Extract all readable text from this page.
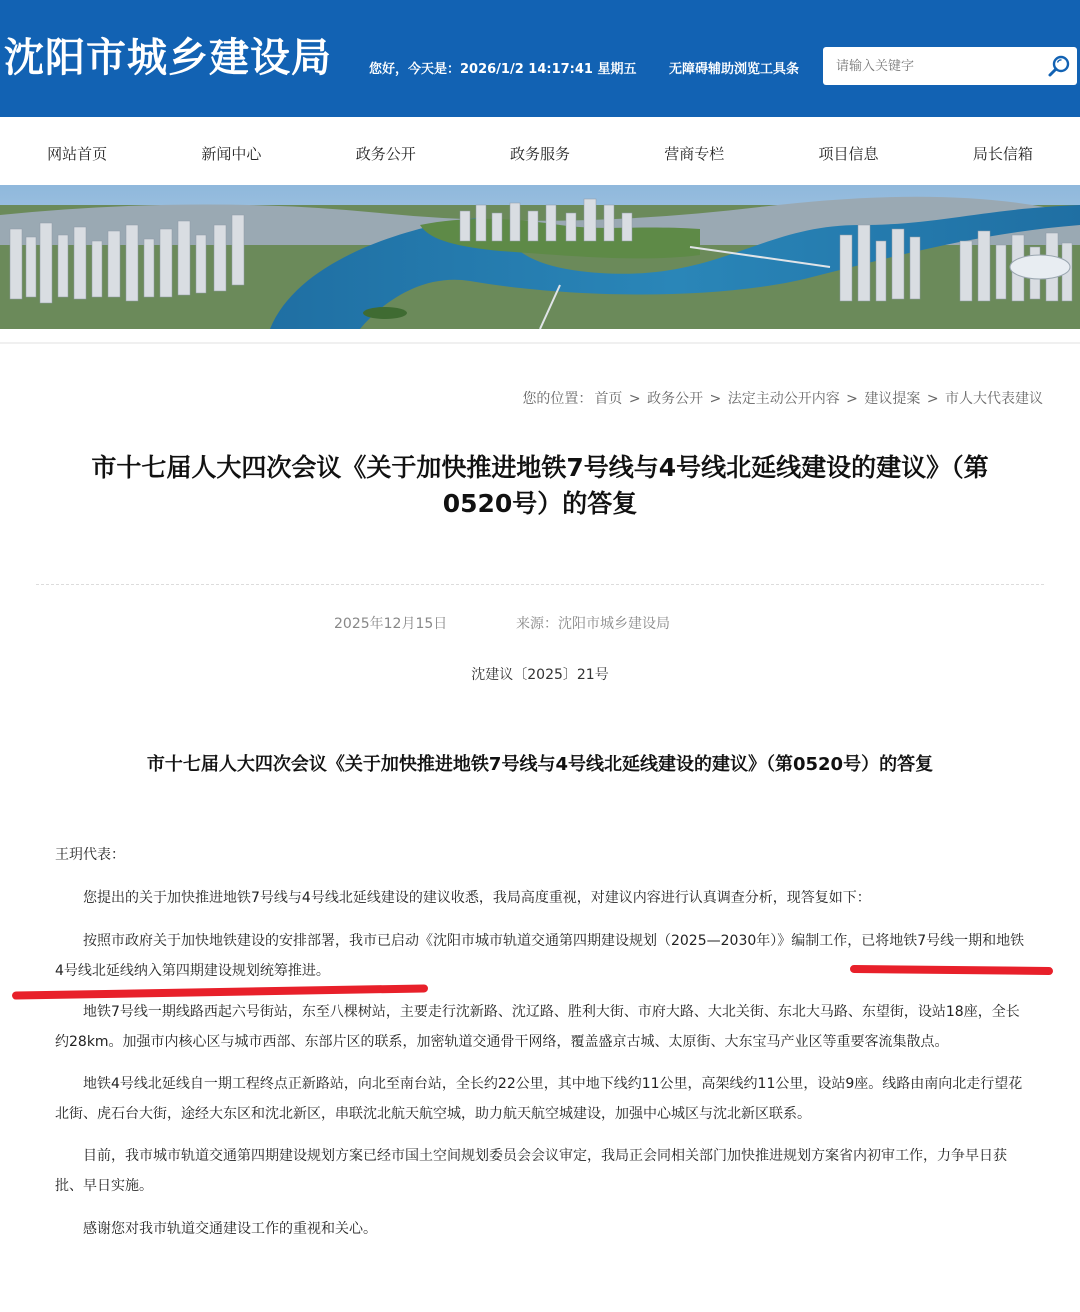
沈阳市城乡建设局	您好，今天是：2026/1/2 14:17:41 星期五	无障碍辅助浏览工具条
请输入关键字
网站首页	新闻中心	政务公开	政务服务	营商专栏	项目信息	局长信箱
您的位置： 首页 > 政务公开 > 法定主动公开内容 > 建议提案 > 市人大代表建议
市十七届人大四次会议《关于加快推进地铁7号线与4号线北延线建设的建议》（第
0520号）的答复
2025年12月15日	来源：沈阳市城乡建设局
沈建议〔2025〕21号
市十七届人大四次会议《关于加快推进地铁7号线与4号线北延线建设的建议》（第0520号）的答复
王玥代表：
您提出的关于加快推进地铁7号线与4号线北延线建设的建议收悉，我局高度重视，对建议内容进行认真调查分析，现答复如下：
按照市政府关于加快地铁建设的安排部署，我市已启动《沈阳市城市轨道交通第四期建设规划（2025—2030年）》编制工作，已将地铁7号线一期和地铁4号线北延线纳入第四期建设规划统筹推进。
地铁7号线一期线路西起六号街站，东至八棵树站，主要走行沈新路、沈辽路、胜利大街、市府大路、大北关街、东北大马路、东望街，设站18座，全长约28km。加强市内核心区与城市西部、东部片区的联系，加密轨道交通骨干网络，覆盖盛京古城、太原街、大东宝马产业区等重要客流集散点。
地铁4号线北延线自一期工程终点正新路站，向北至南台站，全长约22公里，其中地下线约11公里，高架线约11公里，设站9座。线路由南向北走行望花北街、虎石台大街，途经大东区和沈北新区，串联沈北航天航空城，助力航天航空城建设，加强中心城区与沈北新区联系。
目前，我市城市轨道交通第四期建设规划方案已经市国土空间规划委员会会议审定，我局正会同相关部门加快推进规划方案省内初审工作，力争早日获批、早日实施。
感谢您对我市轨道交通建设工作的重视和关心。
